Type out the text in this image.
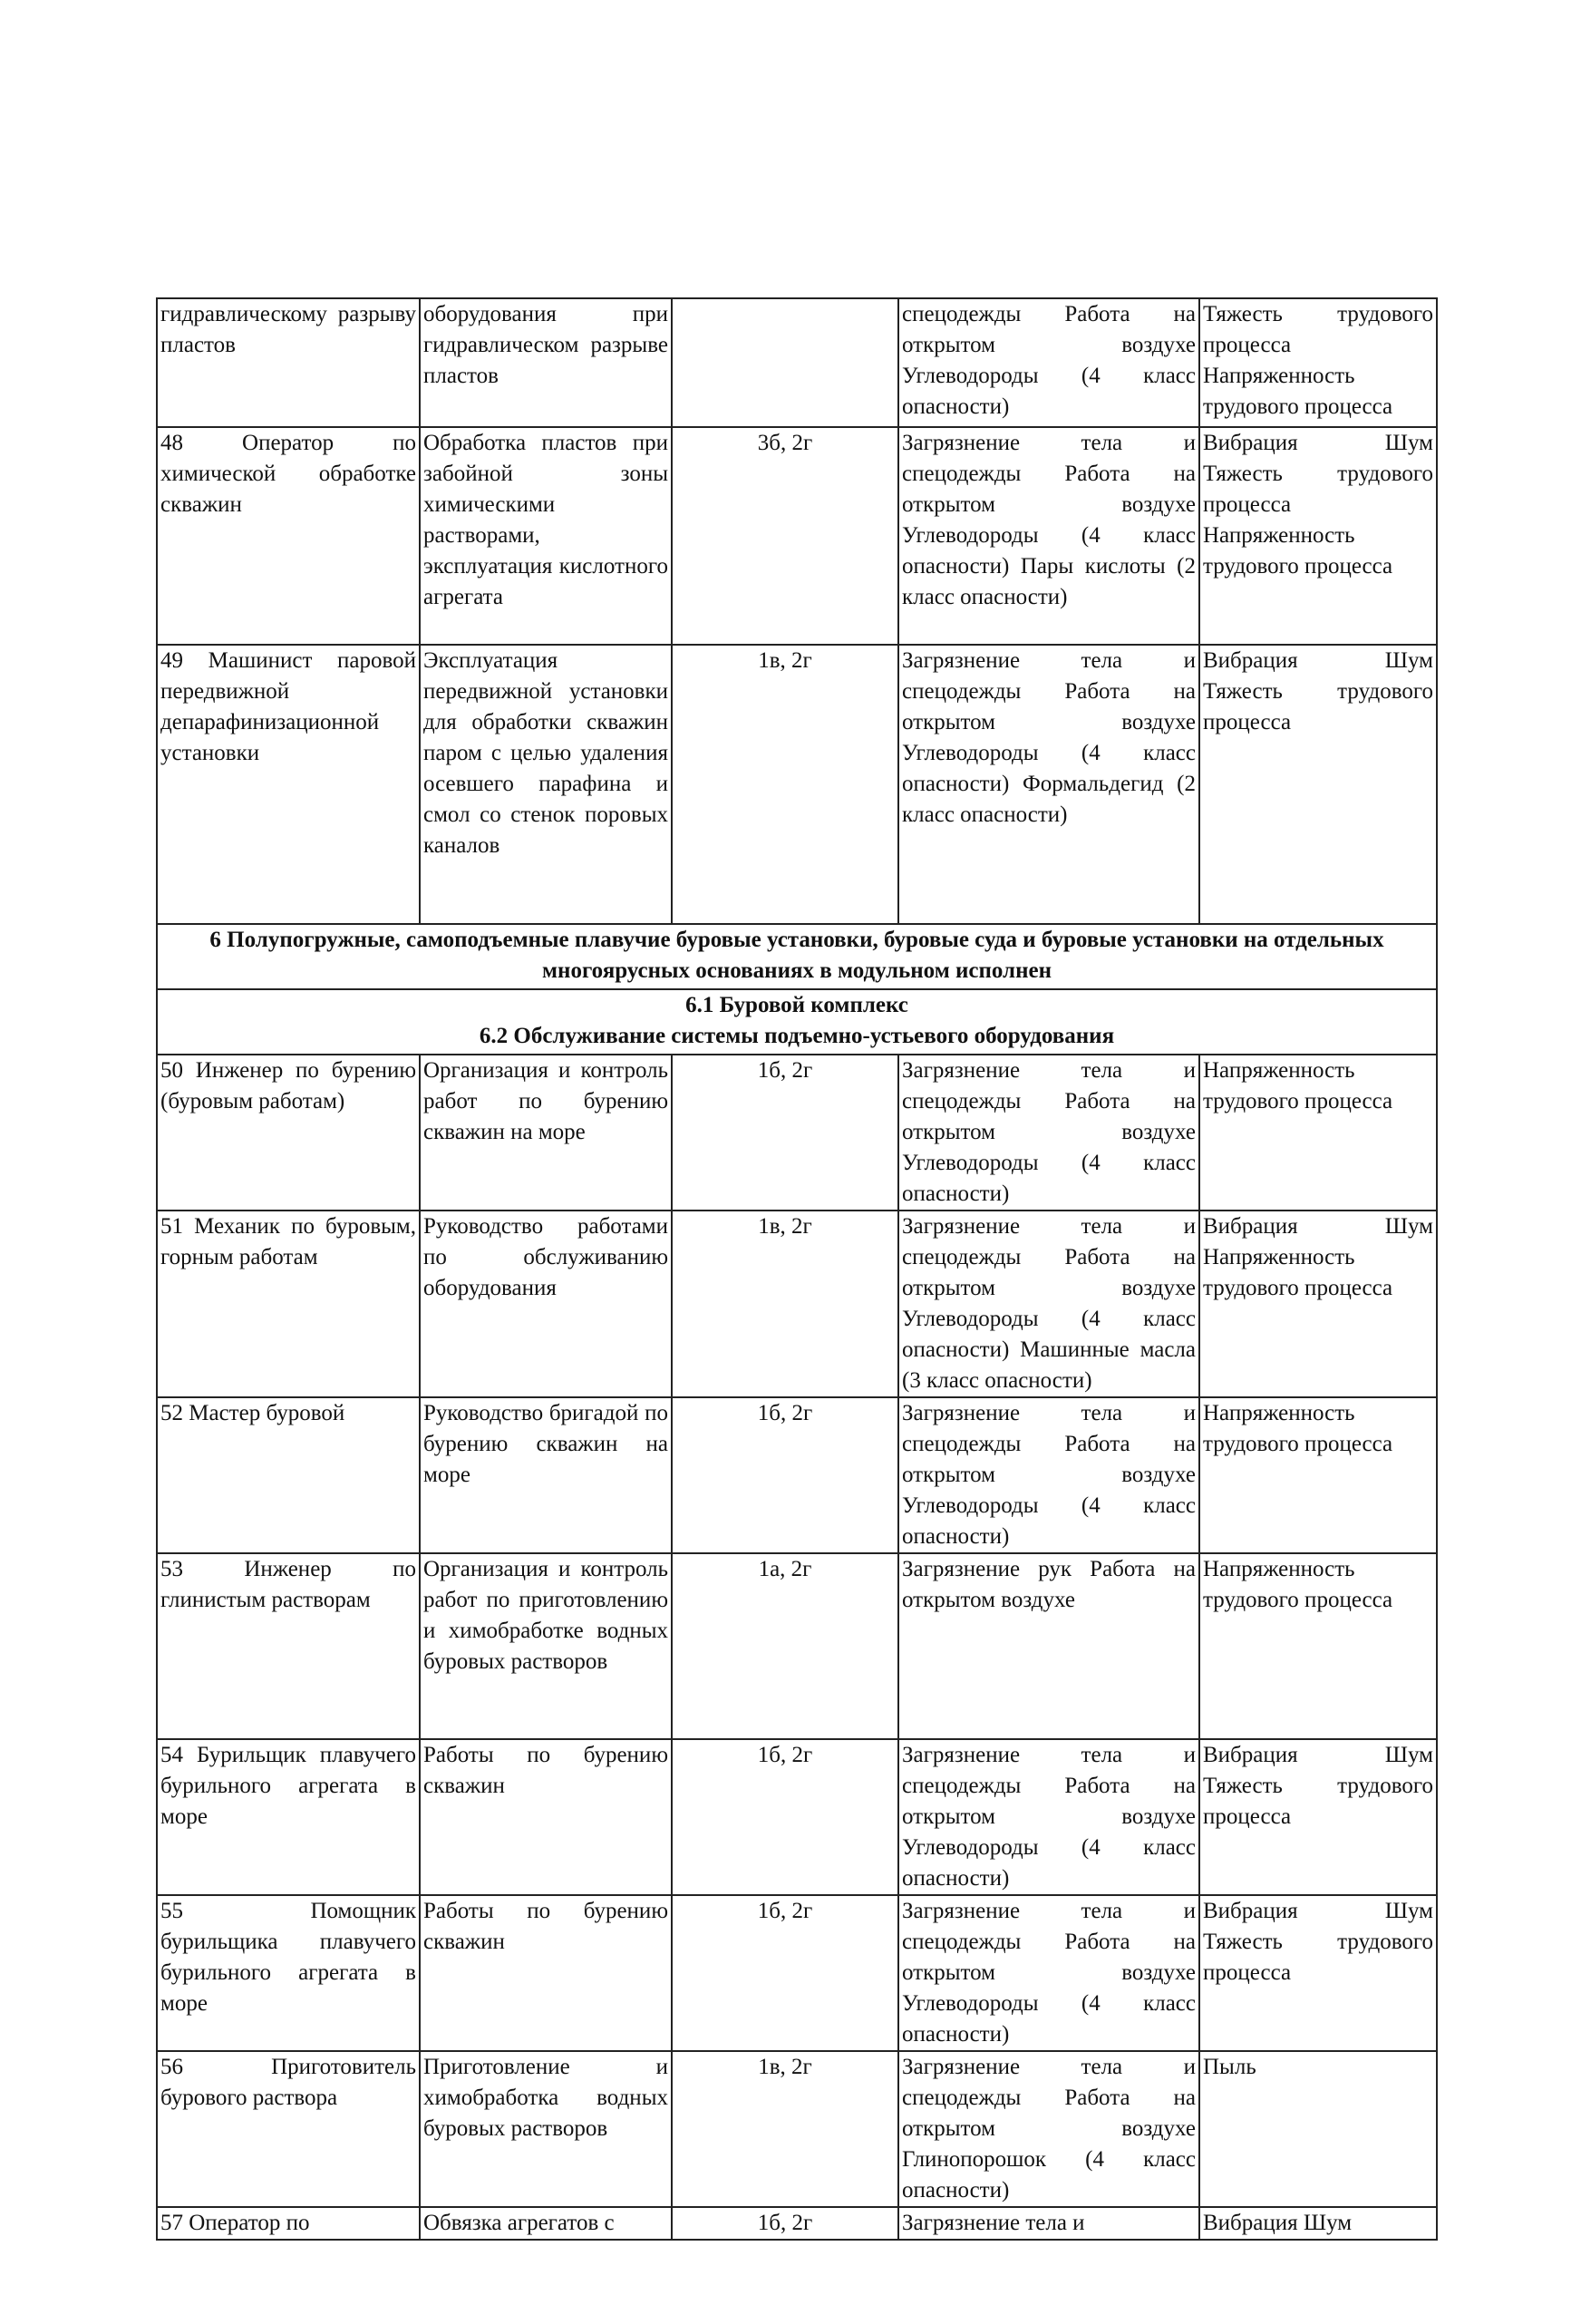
гидравлическому разрыву пластов	оборудования при гидравлическом разрыве пластов		спецодежды Работа на открытом воздухе Углеводороды (4 класс опасности)	Тяжесть трудового процесса Напряженность трудового процесса
48 Оператор по химической обработке скважин	Обработка пластов при забойной зоны химическими растворами, эксплуатация кислотного агрегата	3б, 2г	Загрязнение тела и спецодежды Работа на открытом воздухе Углеводороды (4 класс опасности) Пары кислоты (2 класс опасности)	Вибрация Шум Тяжесть трудового процесса Напряженность трудового процесса
49 Машинист паровой передвижной депарафинизационной установки	Эксплуатация передвижной установки для обработки скважин паром с целью удаления осевшего парафина и смол со стенок поровых каналов	1в, 2г	Загрязнение тела и спецодежды Работа на открытом воздухе Углеводороды (4 класс опасности) Формальдегид (2 класс опасности)	Вибрация Шум Тяжесть трудового процесса
6 Полупогружные, самоподъемные плавучие буровые установки, буровые суда и буровые установки на отдельных многоярусных основаниях в модульном исполнен				

6.1 Буровой комплекс
6.2 Обслуживание системы подъемно-устьевого оборудования				

50 Инженер по бурению (буровым работам)	Организация и контроль работ по бурению скважин на море	1б, 2г	Загрязнение тела и спецодежды Работа на открытом воздухе Углеводороды (4 класс опасности)	Напряженность трудового процесса
51 Механик по буровым, горным работам	Руководство работами по обслуживанию оборудования	1в, 2г	Загрязнение тела и спецодежды Работа на открытом воздухе Углеводороды (4 класс опасности) Машинные масла (3 класс опасности)	Вибрация Шум Напряженность трудового процесса
52 Мастер буровой	Руководство бригадой по бурению скважин на море	1б, 2г	Загрязнение тела и спецодежды Работа на открытом воздухе Углеводороды (4 класс опасности)	Напряженность трудового процесса
53 Инженер по глинистым растворам	Организация и контроль работ по приготовлению и химобработке водных буровых растворов	1а, 2г	Загрязнение рук Работа на открытом воздухе	Напряженность трудового процесса
54 Бурильщик плавучего бурильного агрегата в море	Работы по бурению скважин	1б, 2г	Загрязнение тела и спецодежды Работа на открытом воздухе Углеводороды (4 класс опасности)	Вибрация Шум Тяжесть трудового процесса
55 Помощник бурильщика плавучего бурильного агрегата в море	Работы по бурению скважин	1б, 2г	Загрязнение тела и спецодежды Работа на открытом воздухе Углеводороды (4 класс опасности)	Вибрация Шум Тяжесть трудового процесса
56 Приготовитель бурового раствора	Приготовление и химобработка водных буровых растворов	1в, 2г	Загрязнение тела и спецодежды Работа на открытом воздухе Глинопорошок (4 класс опасности)	Пыль
57 Оператор по	Обвязка агрегатов с	1б, 2г	Загрязнение тела и	Вибрация Шум
